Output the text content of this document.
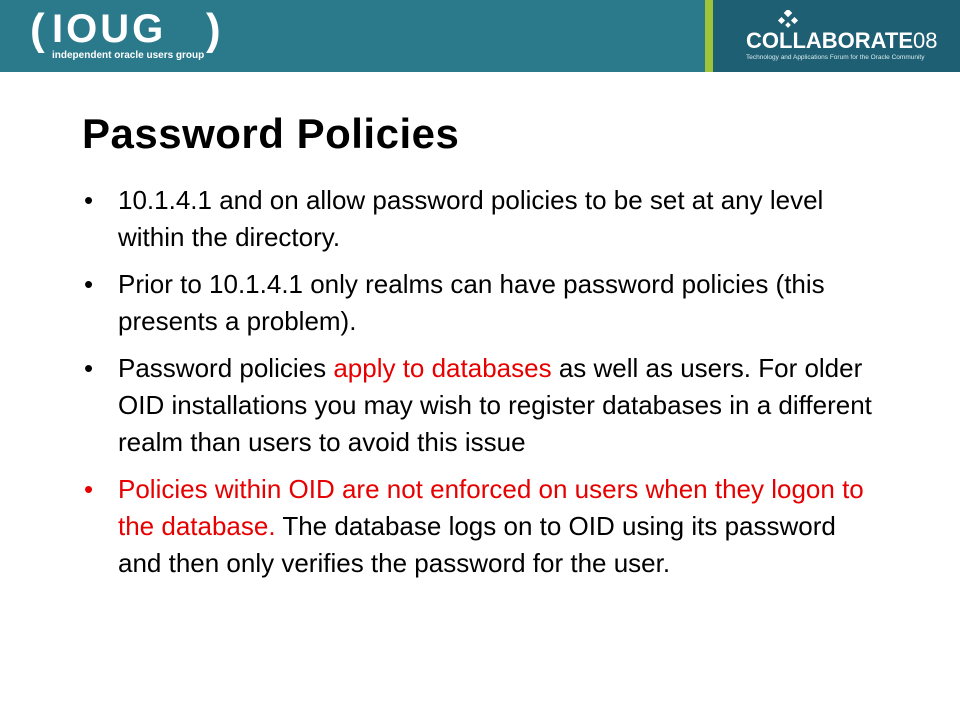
( IOUG )
independent oracle users group
COLLABORATE08
Technology and Applications Forum for the Oracle Community
Password Policies
• 10.1.4.1 and on allow password policies to be set at any level within the directory.
• Prior to 10.1.4.1 only realms can have password policies (this presents a problem).
• Password policies apply to databases as well as users. For older OID installations you may wish to register databases in a different realm than users to avoid this issue
• Policies within OID are not enforced on users when they logon to the database. The database logs on to OID using its password and then only verifies the password for the user.
